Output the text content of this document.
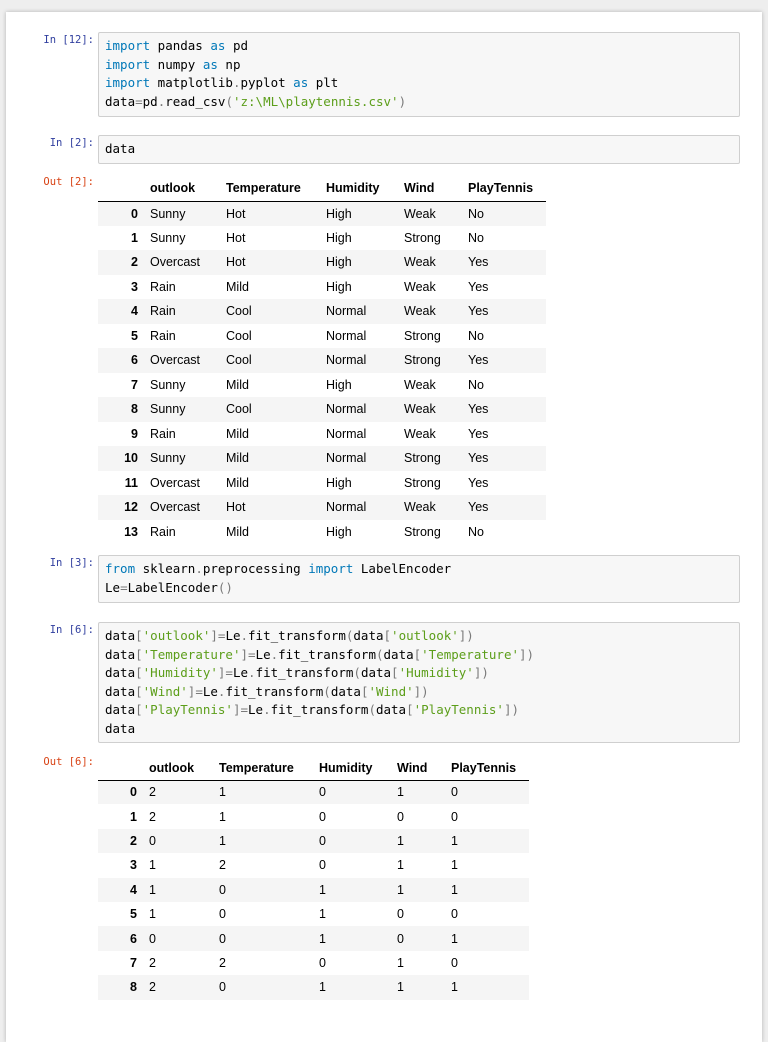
In [12]: import pandas as pd
import numpy as np
import matplotlib.pyplot as plt
data=pd.read_csv('z:\ML\playtennis.csv')
In [2]: data
Out [2]:
		outlook	Temperature	Humidity	Wind	PlayTennis
0	Sunny	Hot	High	Weak	No
1	Sunny	Hot	High	Strong	No
2	Overcast	Hot	High	Weak	Yes
3	Rain	Mild	High	Weak	Yes
4	Rain	Cool	Normal	Weak	Yes
5	Rain	Cool	Normal	Strong	No
6	Overcast	Cool	Normal	Strong	Yes
7	Sunny	Mild	High	Weak	No
8	Sunny	Cool	Normal	Weak	Yes
9	Rain	Mild	Normal	Weak	Yes
10	Sunny	Mild	Normal	Strong	Yes
11	Overcast	Mild	High	Strong	Yes
12	Overcast	Hot	Normal	Weak	Yes
13	Rain	Mild	High	Strong	No
In [3]: from sklearn.preprocessing import LabelEncoder
Le=LabelEncoder()
In [6]: data['outlook']=Le.fit_transform(data['outlook'])
data['Temperature']=Le.fit_transform(data['Temperature'])
data['Humidity']=Le.fit_transform(data['Humidity'])
data['Wind']=Le.fit_transform(data['Wind'])
data['PlayTennis']=Le.fit_transform(data['PlayTennis'])
data
Out [6]:
		outlook	Temperature	Humidity	Wind	PlayTennis
0	2	1	0	1	0
1	2	1	0	0	0
2	0	1	0	1	1
3	1	2	0	1	1
4	1	0	1	1	1
5	1	0	1	0	0
6	0	0	1	0	1
7	2	2	0	1	0
8	2	0	1	1	1
